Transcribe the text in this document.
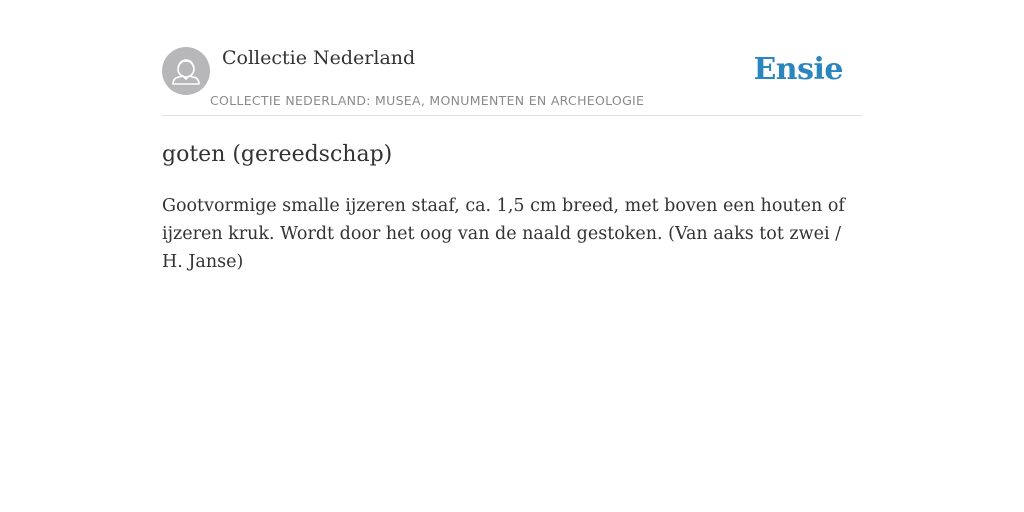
Collectie Nederland
COLLECTIE NEDERLAND: MUSEA, MONUMENTEN EN ARCHEOLOGIE
Ensie
goten (gereedschap)

Gootvormige smalle ijzeren staaf, ca. 1,5 cm breed, met boven een houten of ijzeren kruk. Wordt door het oog van de naald gestoken. (Van aaks tot zwei / H. Janse)
